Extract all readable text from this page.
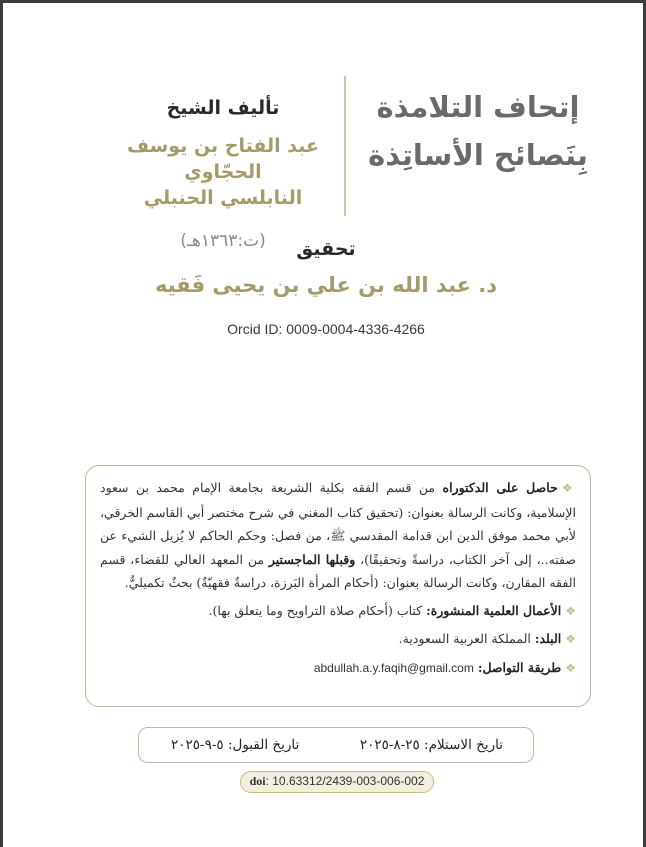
إتحاف التلامذة
بِنَصائح الأساتِذة
تأليف الشيخ
عبد الفتاح بن يوسف الحجّاوي
النابلسي الحنبلي
(ت:١٣٦٣هـ)	تحقيق
د. عبد الله بن علي بن يحيى فَقيه
Orcid ID: 0009-0004-4336-4266
❖حاصل على الدكتوراه من قسم الفقه بكلية الشريعة بجامعة الإمام محمد بن سعود الإسلامية، وكانت الرسالة بعنوان: (تحقيق كتاب المغني في شرح مختصر أبي القاسم الخرقي، لأبي محمد موفق الدين ابن قدامة المقدسي ﷺ، من فصل: وحكم الحاكم لا يُزيل الشيء عن صفته..، إلى آخر الكتاب، دراسةً وتحقيقًا)، وقبلها الماجستير من المعهد العالي للقضاء، قسم الفقه المقارن، وكانت الرسالة بعنوان: (أحكام المرأة البَرزة، دراسةٌ فقهيّةٌ) بحثٌ تكميليٌّ.
❖الأعمال العلمية المنشورة: كتاب (أحكام صلاة التراويح وما يتعلق بها).
❖البلد: المملكة العربية السعودية.
❖طريقة التواصل: abdullah.a.y.faqih@gmail.com
تاريخ الاستلام: ٢٥-٨-٢٠٢٥
تاريخ القبول: ٥-٩-٢٠٢٥
doi: 10.63312/2439-003-006-002
